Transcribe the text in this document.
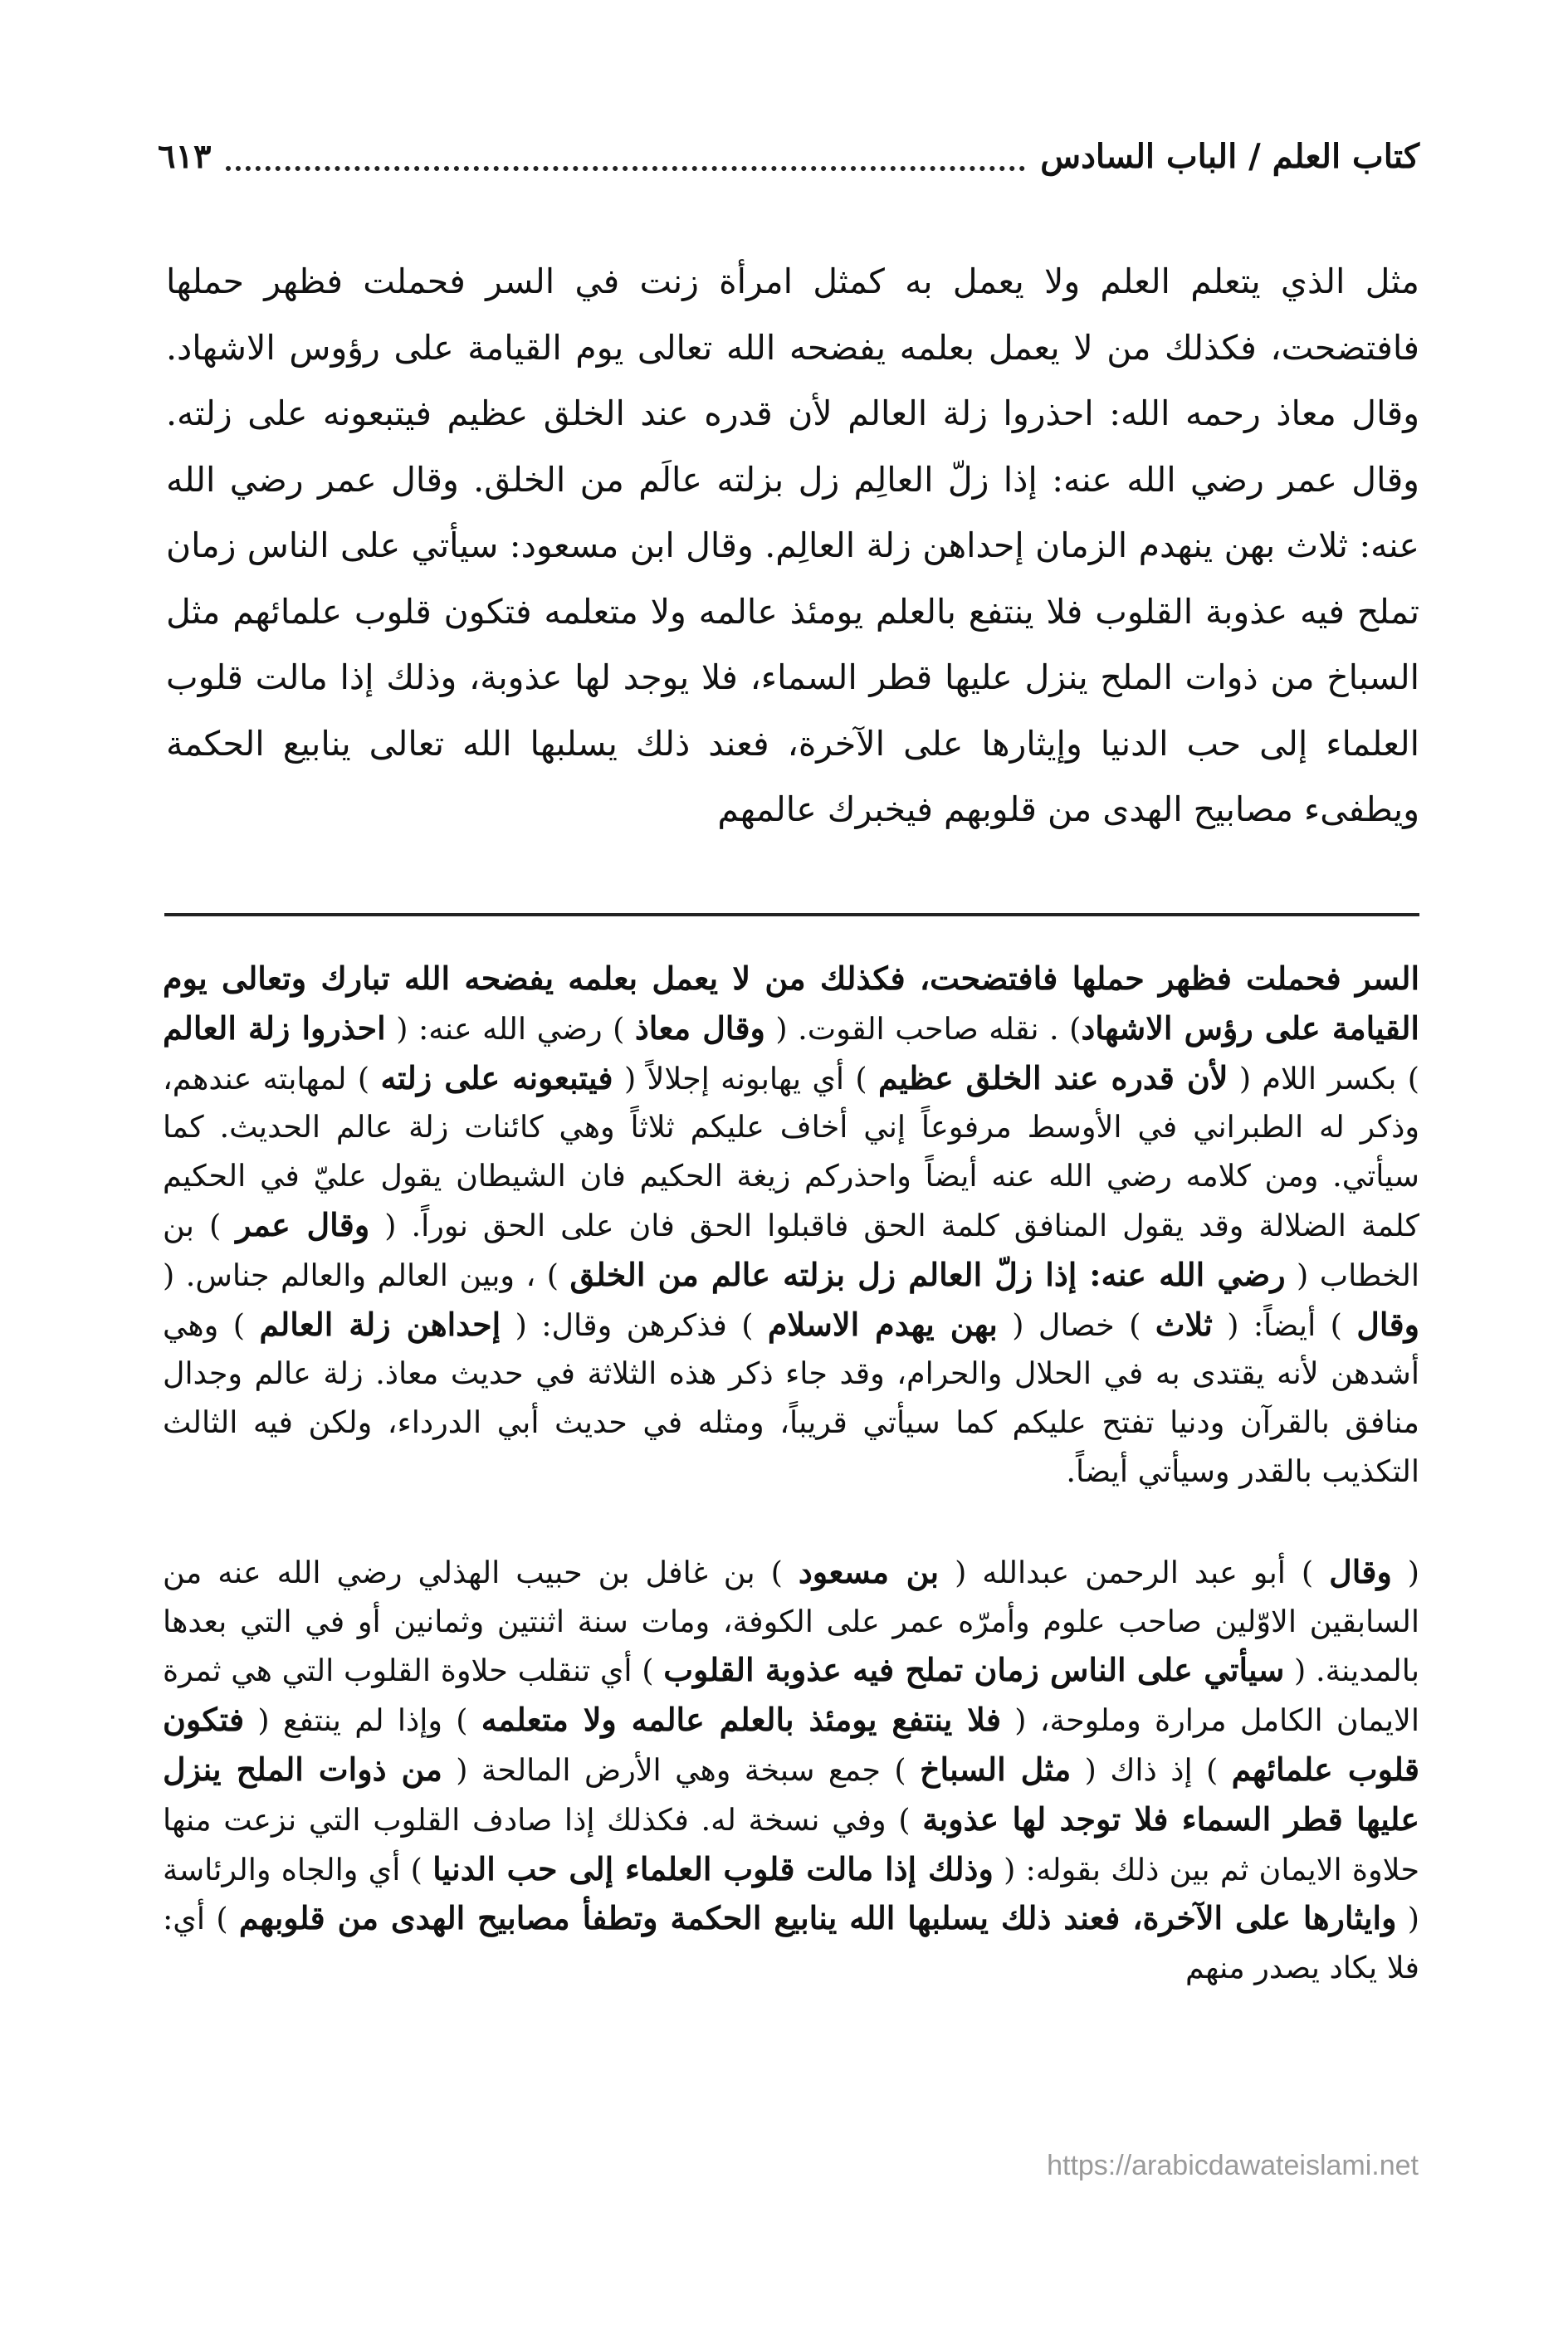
كتاب العلم / الباب السادس
٦١٣

مثل الذي يتعلم العلم ولا يعمل به كمثل امرأة زنت في السر فحملت فظهر حملها فافتضحت، فكذلك من لا يعمل بعلمه يفضحه الله تعالى يوم القيامة على رؤوس الاشهاد. وقال معاذ رحمه الله: احذروا زلة العالم لأن قدره عند الخلق عظيم فيتبعونه على زلته. وقال عمر رضي الله عنه: إذا زلّ العالِم زل بزلته عالَم من الخلق. وقال عمر رضي الله عنه: ثلاث بهن ينهدم الزمان إحداهن زلة العالِم. وقال ابن مسعود: سيأتي على الناس زمان تملح فيه عذوبة القلوب فلا ينتفع بالعلم يومئذ عالمه ولا متعلمه فتكون قلوب علمائهم مثل السباخ من ذوات الملح ينزل عليها قطر السماء، فلا يوجد لها عذوبة، وذلك إذا مالت قلوب العلماء إلى حب الدنيا وإيثارها على الآخرة، فعند ذلك يسلبها الله تعالى ينابيع الحكمة ويطفىء مصابيح الهدى من قلوبهم فيخبرك عالمهم

السر فحملت فظهر حملها فافتضحت، فكذلك من لا يعمل بعلمه يفضحه الله تبارك وتعالى يوم القيامة على رؤس الاشهاد) . نقله صاحب القوت. ( وقال معاذ ) رضي الله عنه: ( احذروا زلة العالم ) بكسر اللام ( لأن قدره عند الخلق عظيم ) أي يهابونه إجلالاً ( فيتبعونه على زلته ) لمهابته عندهم، وذكر له الطبراني في الأوسط مرفوعاً إني أخاف عليكم ثلاثاً وهي كائنات زلة عالم الحديث. كما سيأتي. ومن كلامه رضي الله عنه أيضاً واحذركم زيغة الحكيم فان الشيطان يقول عليّ في الحكيم كلمة الضلالة وقد يقول المنافق كلمة الحق فاقبلوا الحق فان على الحق نوراً. ( وقال عمر ) بن الخطاب ( رضي الله عنه: إذا زلّ العالم زل بزلته عالم من الخلق ) ، وبين العالم والعالم جناس. ( وقال ) أيضاً: ( ثلاث ) خصال ( بهن يهدم الاسلام ) فذكرهن وقال: ( إحداهن زلة العالم ) وهي أشدهن لأنه يقتدى به في الحلال والحرام، وقد جاء ذكر هذه الثلاثة في حديث معاذ. زلة عالم وجدال منافق بالقرآن ودنيا تفتح عليكم كما سيأتي قريباً، ومثله في حديث أبي الدرداء، ولكن فيه الثالث التكذيب بالقدر وسيأتي أيضاً.

( وقال ) أبو عبد الرحمن عبدالله ( بن مسعود ) بن غافل بن حبيب الهذلي رضي الله عنه من السابقين الاوّلين صاحب علوم وأمرّه عمر على الكوفة، ومات سنة اثنتين وثمانين أو في التي بعدها بالمدينة. ( سيأتي على الناس زمان تملح فيه عذوبة القلوب ) أي تنقلب حلاوة القلوب التي هي ثمرة الايمان الكامل مرارة وملوحة، ( فلا ينتفع يومئذ بالعلم عالمه ولا متعلمه ) وإذا لم ينتفع ( فتكون قلوب علمائهم ) إذ ذاك ( مثل السباخ ) جمع سبخة وهي الأرض المالحة ( من ذوات الملح ينزل عليها قطر السماء فلا توجد لها عذوبة ) وفي نسخة له. فكذلك إذا صادف القلوب التي نزعت منها حلاوة الايمان ثم بين ذلك بقوله: ( وذلك إذا مالت قلوب العلماء إلى حب الدنيا ) أي والجاه والرئاسة ( وايثارها على الآخرة، فعند ذلك يسلبها الله ينابيع الحكمة وتطفأ مصابيح الهدى من قلوبهم ) أي: فلا يكاد يصدر منهم

https://arabicdawateislami.net
